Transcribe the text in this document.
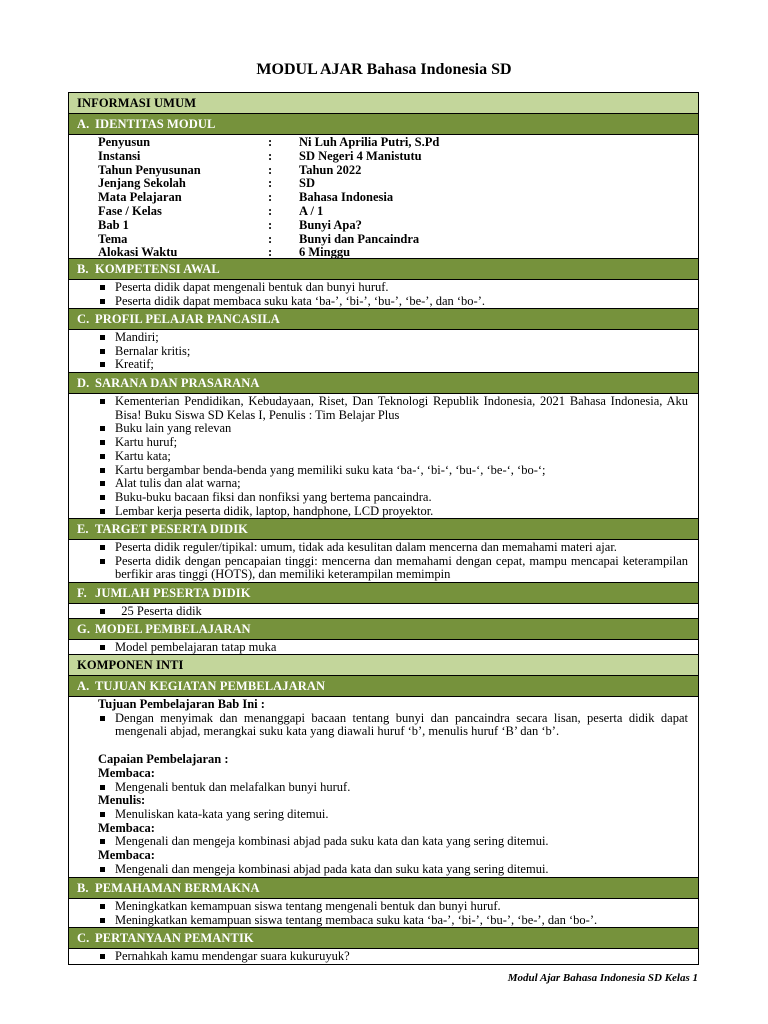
MODUL AJAR Bahasa Indonesia SD
INFORMASI UMUM
A. IDENTITAS MODUL
Penyusun	:	Ni Luh Aprilia Putri, S.Pd
Instansi	:	SD Negeri 4 Manistutu
Tahun Penyusunan	:	Tahun 2022
Jenjang Sekolah	:	SD
Mata Pelajaran	:	Bahasa Indonesia
Fase / Kelas	:	A / 1
Bab 1	:	Bunyi Apa?
Tema	:	Bunyi dan Pancaindra
Alokasi Waktu	:	6 Minggu
B. KOMPETENSI AWAL
Peserta didik dapat mengenali bentuk dan bunyi huruf.
Peserta didik dapat membaca suku kata ‘ba-’, ‘bi-’, ‘bu-’, ‘be-’, dan ‘bo-’.
C. PROFIL PELAJAR PANCASILA
Mandiri;
Bernalar kritis;
Kreatif;
D. SARANA DAN PRASARANA
Kementerian Pendidikan, Kebudayaan, Riset, Dan Teknologi Republik Indonesia, 2021 Bahasa Indonesia, Aku Bisa! Buku Siswa SD Kelas I, Penulis : Tim Belajar Plus
Buku lain yang relevan
Kartu huruf;
Kartu kata;
Kartu bergambar benda-benda yang memiliki suku kata ‘ba-‘, ‘bi-‘, ‘bu-‘, ‘be-‘, ‘bo-‘;
Alat tulis dan alat warna;
Buku-buku bacaan fiksi dan nonfiksi yang bertema pancaindra.
Lembar kerja peserta didik, laptop, handphone, LCD proyektor.
E. TARGET PESERTA DIDIK
Peserta didik reguler/tipikal: umum, tidak ada kesulitan dalam mencerna dan memahami materi ajar.
Peserta didik dengan pencapaian tinggi: mencerna dan memahami dengan cepat, mampu mencapai keterampilan berfikir aras tinggi (HOTS), dan memiliki keterampilan memimpin
F. JUMLAH PESERTA DIDIK
25 Peserta didik
G. MODEL PEMBELAJARAN
Model pembelajaran tatap muka
KOMPONEN INTI
A. TUJUAN KEGIATAN PEMBELAJARAN
Tujuan Pembelajaran Bab Ini :
Dengan menyimak dan menanggapi bacaan tentang bunyi dan pancaindra secara lisan, peserta didik dapat mengenali abjad, merangkai suku kata yang diawali huruf ‘b’, menulis huruf ‘B’ dan ‘b’.
Capaian Pembelajaran :
Membaca:
Mengenali bentuk dan melafalkan bunyi huruf.
Menulis:
Menuliskan kata-kata yang sering ditemui.
Membaca:
Mengenali dan mengeja kombinasi abjad pada suku kata dan kata yang sering ditemui.
Membaca:
Mengenali dan mengeja kombinasi abjad pada kata dan suku kata yang sering ditemui.
B. PEMAHAMAN BERMAKNA
Meningkatkan kemampuan siswa tentang mengenali bentuk dan bunyi huruf.
Meningkatkan kemampuan siswa tentang membaca suku kata ‘ba-’, ‘bi-’, ‘bu-’, ‘be-’, dan ‘bo-’.
C. PERTANYAAN PEMANTIK
Pernahkah kamu mendengar suara kukuruyuk?
Modul Ajar Bahasa Indonesia SD Kelas 1
